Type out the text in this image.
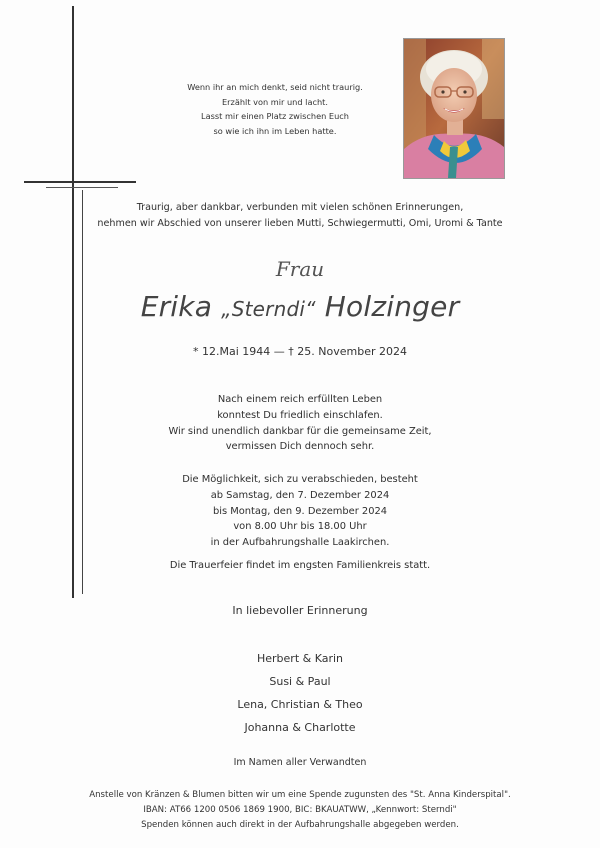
Wenn ihr an mich denkt, seid nicht traurig.
Erzählt von mir und lacht.
Lasst mir einen Platz zwischen Euch
so wie ich ihn im Leben hatte.
Traurig, aber dankbar, verbunden mit vielen schönen Erinnerungen,
nehmen wir Abschied von unserer lieben Mutti, Schwiegermutti, Omi, Uromi & Tante
Frau
Erika „Sterndi“ Holzinger
* 12.Mai 1944 — † 25. November 2024
Nach einem reich erfüllten Leben
konntest Du friedlich einschlafen.
Wir sind unendlich dankbar für die gemeinsame Zeit,
vermissen Dich dennoch sehr.
Die Möglichkeit, sich zu verabschieden, besteht
ab Samstag, den 7. Dezember 2024
bis Montag, den 9. Dezember 2024
von 8.00 Uhr bis 18.00 Uhr
in der Aufbahrungshalle Laakirchen.
Die Trauerfeier findet im engsten Familienkreis statt.
In liebevoller Erinnerung
Herbert & Karin
Susi & Paul
Lena, Christian & Theo
Johanna & Charlotte
Im Namen aller Verwandten
Anstelle von Kränzen & Blumen bitten wir um eine Spende zugunsten des "St. Anna Kinderspital".
IBAN: AT66 1200 0506 1869 1900, BIC: BKAUATWW, „Kennwort: Sterndi"
Spenden können auch direkt in der Aufbahrungshalle abgegeben werden.
